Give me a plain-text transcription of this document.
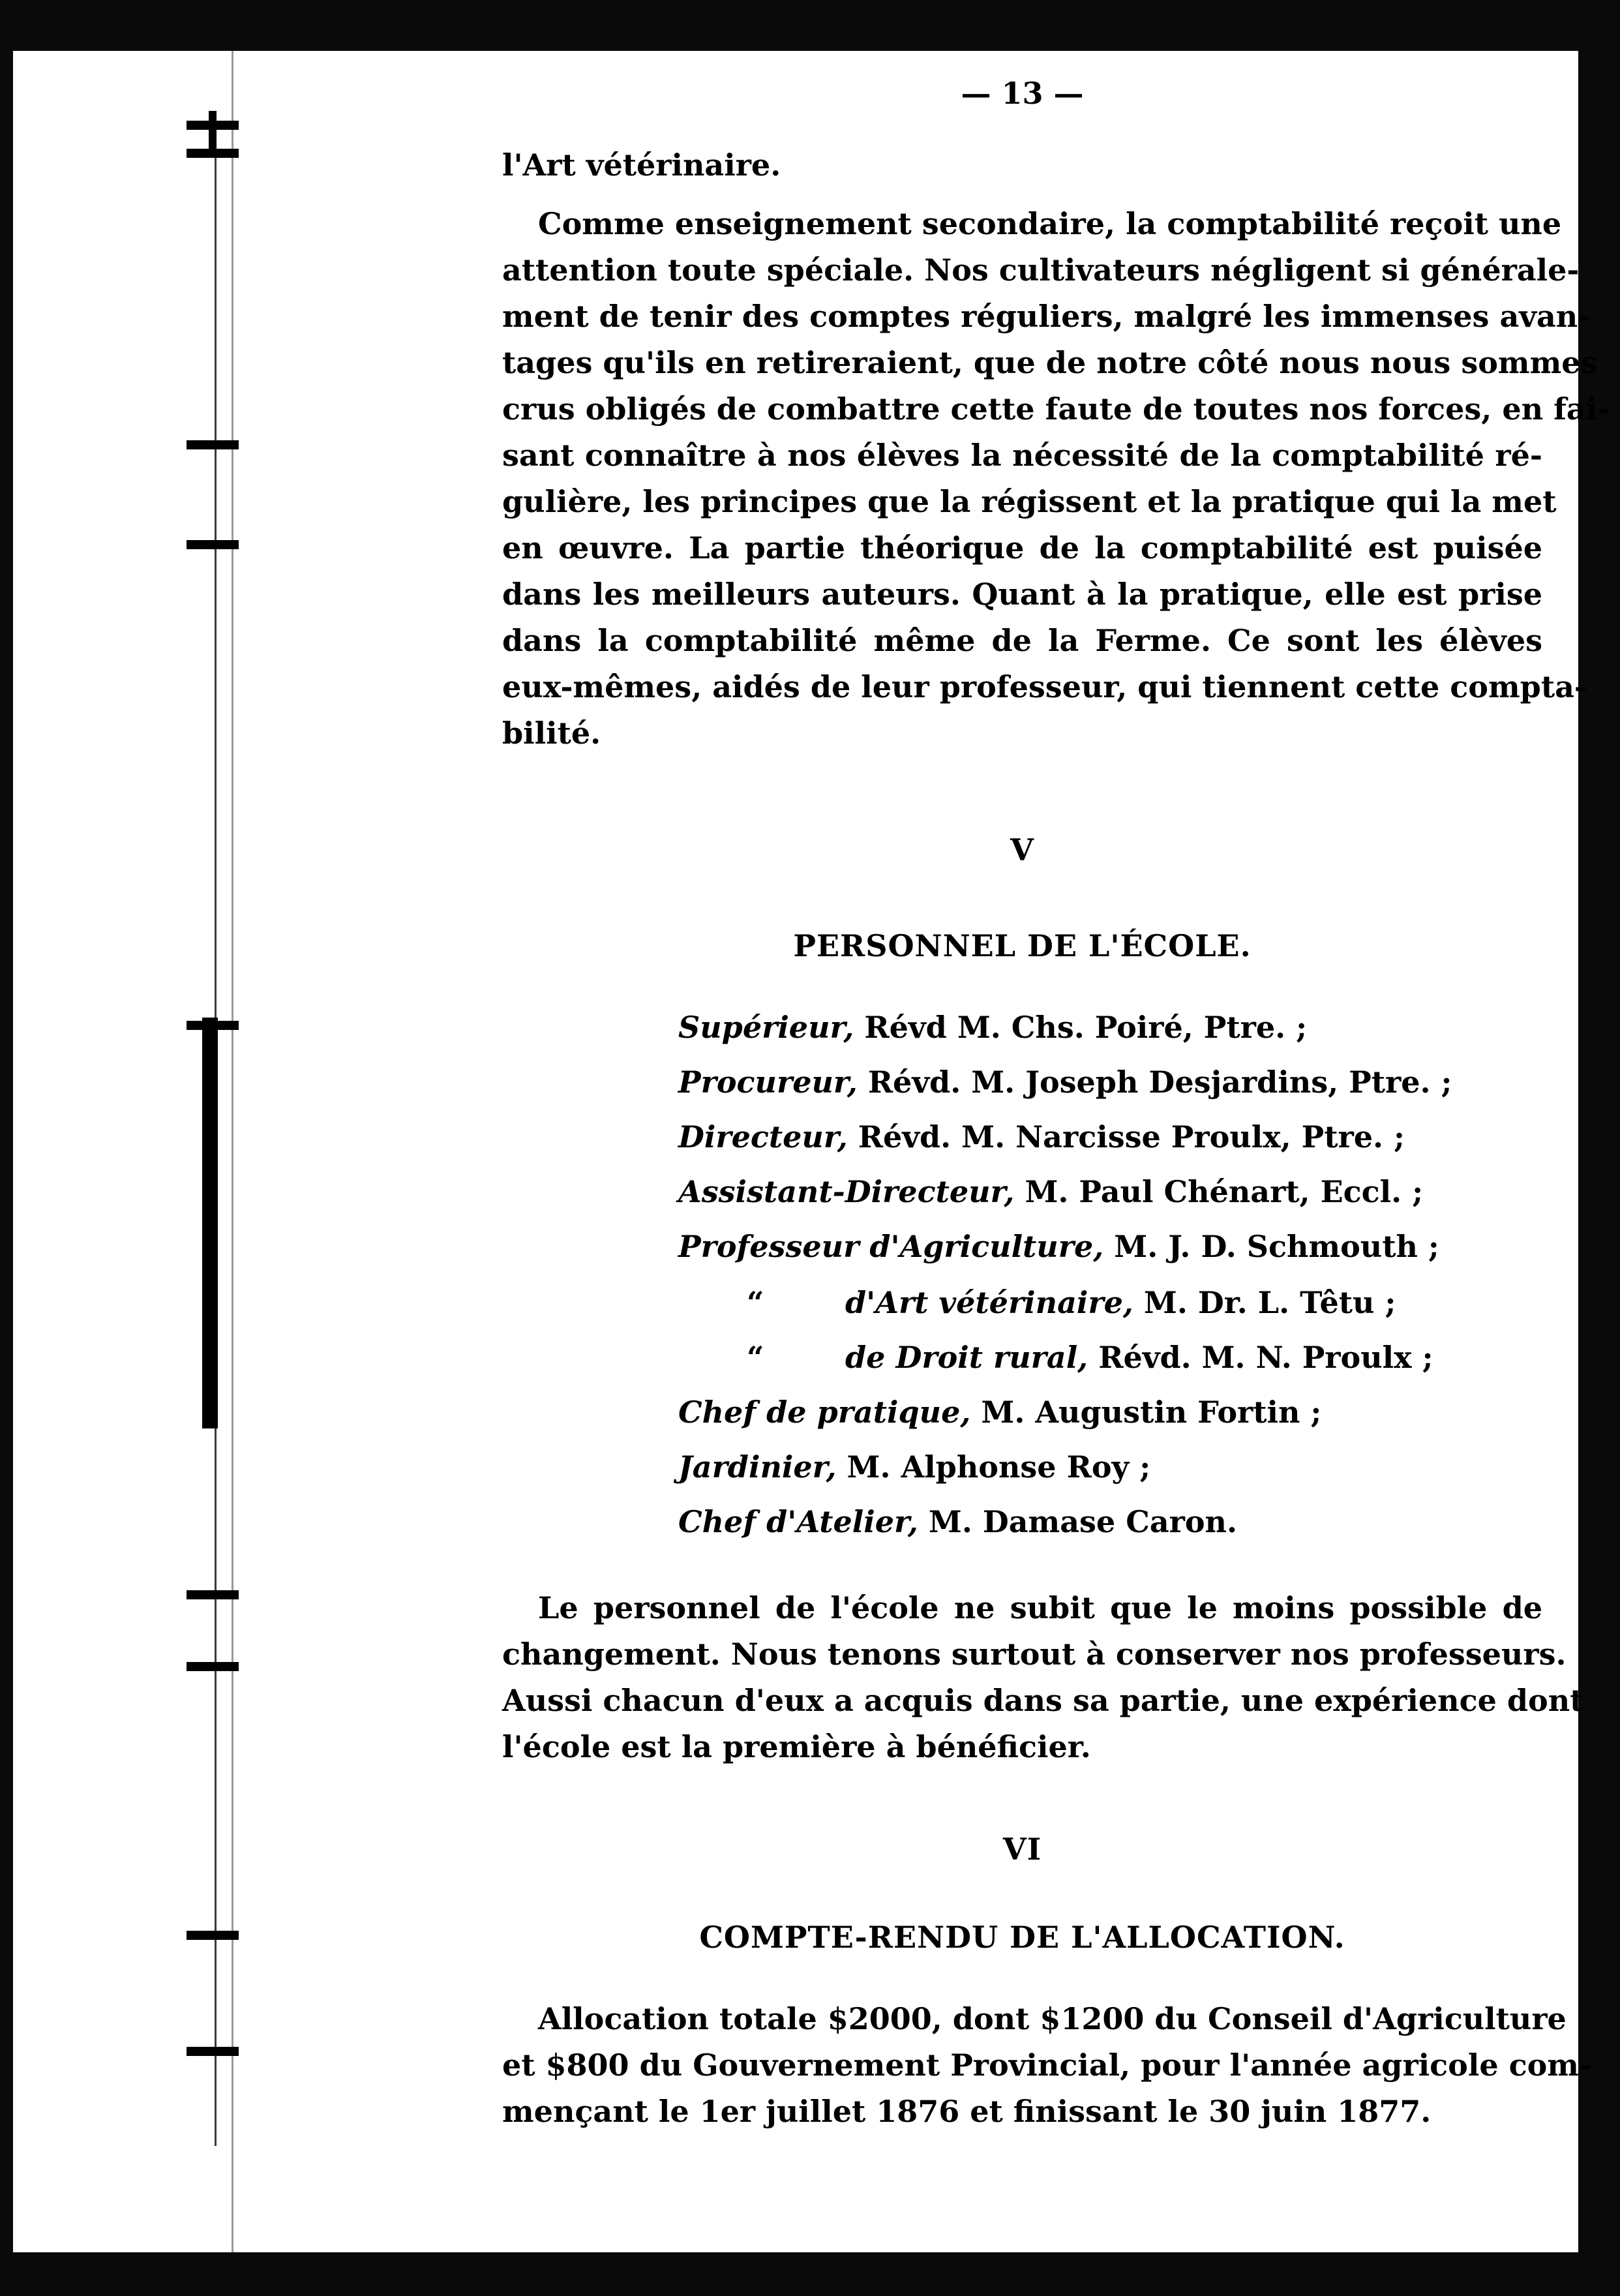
— 13 —
l'Art vétérinaire.
Comme enseignement secondaire, la comptabilité reçoit une
attention toute spéciale. Nos cultivateurs négligent si générale-
ment de tenir des comptes réguliers, malgré les immenses avan-
tages qu'ils en retireraient, que de notre côté nous nous sommes
crus obligés de combattre cette faute de toutes nos forces, en fai-
sant connaître à nos élèves la nécessité de la comptabilité ré-
gulière, les principes que la régissent et la pratique qui la met
en œuvre. La partie théorique de la comptabilité est puisée
dans les meilleurs auteurs. Quant à la pratique, elle est prise
dans la comptabilité même de la Ferme. Ce sont les élèves
eux-mêmes, aidés de leur professeur, qui tiennent cette compta-
bilité.
V
PERSONNEL DE L'ÉCOLE.
Supérieur, Révd M. Chs. Poiré, Ptre. ;
Procureur, Révd. M. Joseph Desjardins, Ptre. ;
Directeur, Révd. M. Narcisse Proulx, Ptre. ;
Assistant-Directeur, M. Paul Chénart, Eccl. ;
Professeur d'Agriculture, M. J. D. Schmouth ;
“	d'Art vétérinaire, M. Dr. L. Têtu ;
“	de Droit rural, Révd. M. N. Proulx ;
Chef de pratique, M. Augustin Fortin ;
Jardinier, M. Alphonse Roy ;
Chef d'Atelier, M. Damase Caron.
Le personnel de l'école ne subit que le moins possible de
changement. Nous tenons surtout à conserver nos professeurs.
Aussi chacun d'eux a acquis dans sa partie, une expérience dont
l'école est la première à bénéficier.
VI
COMPTE-RENDU DE L'ALLOCATION.
Allocation totale $2000, dont $1200 du Conseil d'Agriculture
et $800 du Gouvernement Provincial, pour l'année agricole com-
mençant le 1er juillet 1876 et finissant le 30 juin 1877.
